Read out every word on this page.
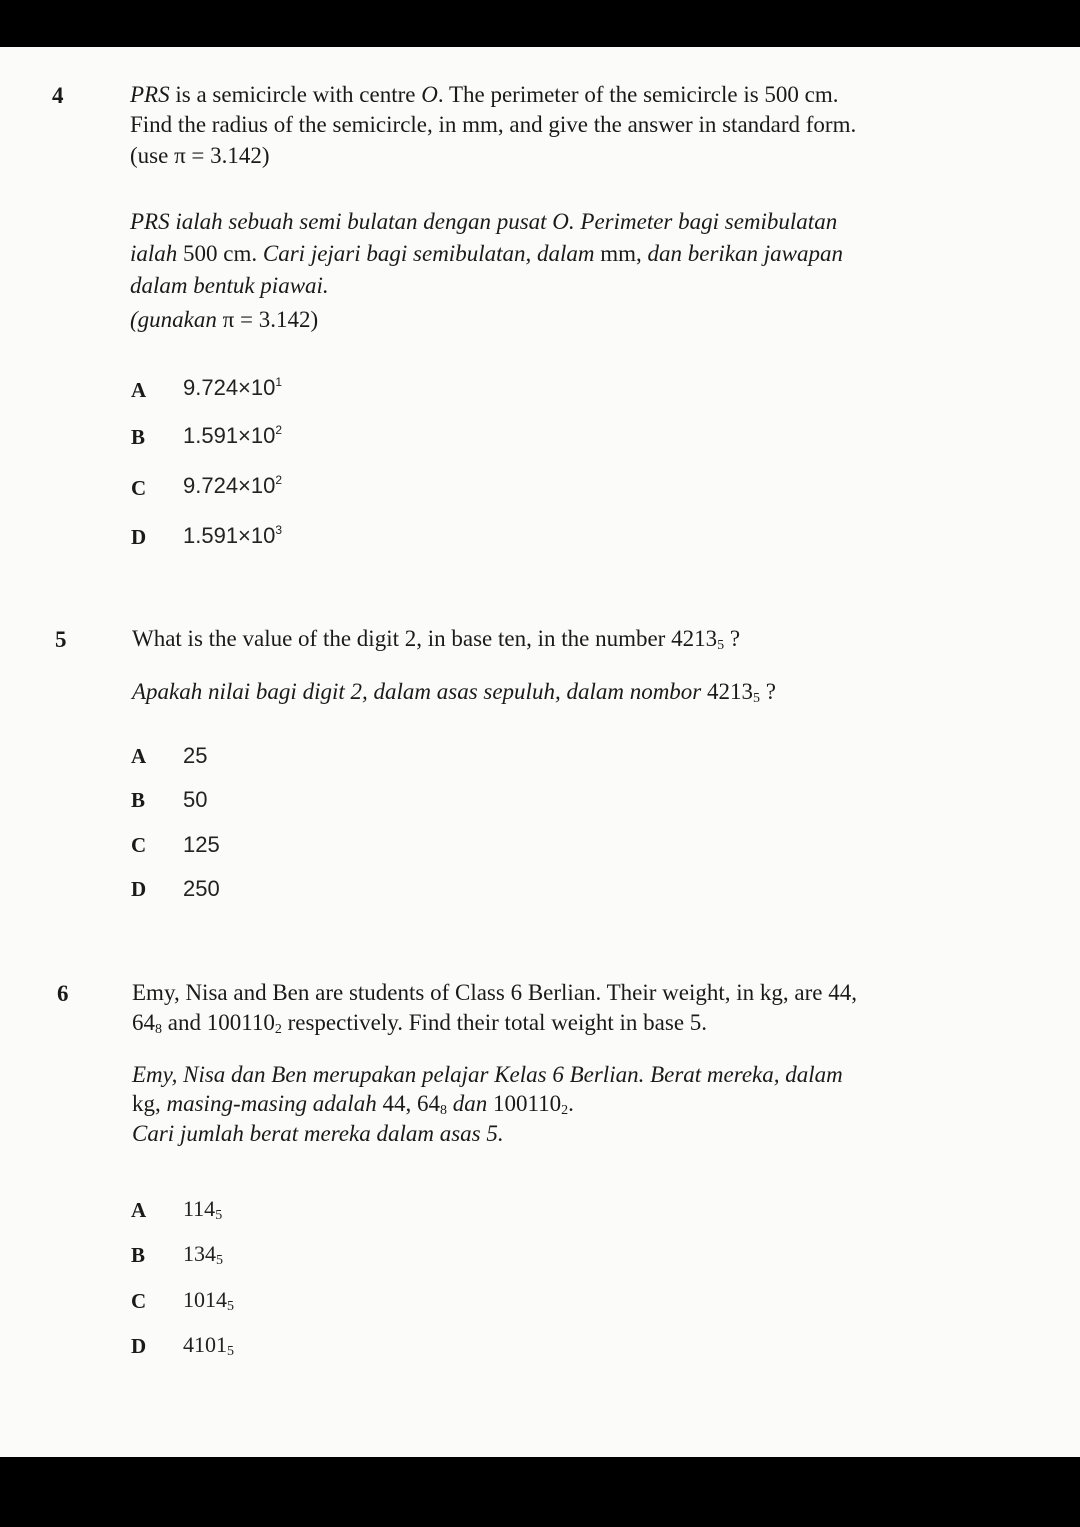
4	PRS is a semicircle with centre O. The perimeter of the semicircle is 500 cm.
Find the radius of the semicircle, in mm, and give the answer in standard form.
(use π = 3.142)
PRS ialah sebuah semi bulatan dengan pusat O. Perimeter bagi semibulatan
ialah 500 cm. Cari jejari bagi semibulatan, dalam mm, dan berikan jawapan
dalam bentuk piawai.
(gunakan π = 3.142)
A $9.724\times 10^1$
B $1.591\times 10^2$
C $9.724\times 10^2$
D $1.591\times 10^3$
5	What is the value of the digit 2, in base ten, in the number $4213_5$ ?
Apakah nilai bagi digit 2, dalam asas sepuluh, dalam nombor $4213_5$ ?
A 25
B 50
C 125
D 250
6	Emy, Nisa and Ben are students of Class 6 Berlian. Their weight, in kg, are 44,
$64_8$ and $100110_2$ respectively. Find their total weight in base 5.
Emy, Nisa dan Ben merupakan pelajar Kelas 6 Berlian. Berat mereka, dalam
kg, masing-masing adalah 44, $64_8$ dan $100110_2$.
Cari jumlah berat mereka dalam asas 5.
A $114_5$
B $134_5$
C $1014_5$
D $4101_5$
